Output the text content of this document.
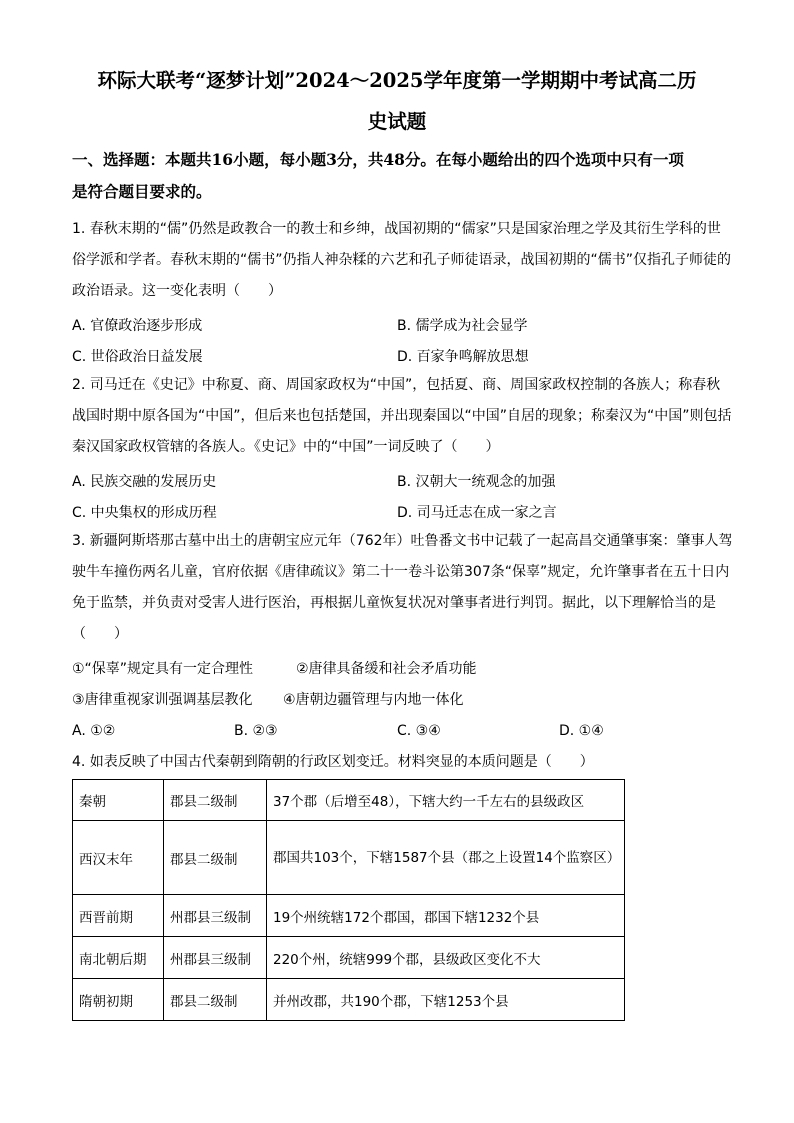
环际大联考“逐梦计划”2024～2025学年度第一学期期中考试高二历
史试题
一、选择题：本题共16小题，每小题3分，共48分。在每小题给出的四个选项中只有一项
是符合题目要求的。
1. 春秋末期的“儒”仍然是政教合一的教士和乡绅，战国初期的“儒家”只是国家治理之学及其衍生学科的世俗学派和学者。春秋末期的“儒书”仍指人神杂糅的六艺和孔子师徒语录，战国初期的“儒书”仅指孔子师徒的政治语录。这一变化表明（　　）
A. 官僚政治逐步形成	B. 儒学成为社会显学
C. 世俗政治日益发展	D. 百家争鸣解放思想
2. 司马迁在《史记》中称夏、商、周国家政权为“中国”，包括夏、商、周国家政权控制的各族人；称春秋战国时期中原各国为“中国”，但后来也包括楚国，并出现秦国以“中国”自居的现象；称秦汉为“中国”则包括秦汉国家政权管辖的各族人。《史记》中的“中国”一词反映了（　　）
A. 民族交融的发展历史	B. 汉朝大一统观念的加强
C. 中央集权的形成历程	D. 司马迁志在成一家之言
3. 新疆阿斯塔那古墓中出土的唐朝宝应元年（762年）吐鲁番文书中记载了一起高昌交通肇事案：肇事人驾驶牛车撞伤两名儿童，官府依据《唐律疏议》第二十一卷斗讼第307条“保辜”规定，允许肇事者在五十日内免于监禁，并负责对受害人进行医治，再根据儿童恢复状况对肇事者进行判罚。据此，以下理解恰当的是（　　）
①“保辜”规定具有一定合理性	②唐律具备缓和社会矛盾功能
③唐律重视家训强调基层教化 ④唐朝边疆管理与内地一体化
A. ①②	B. ②③	C. ③④	D. ①④
4. 如表反映了中国古代秦朝到隋朝的行政区划变迁。材料突显的本质问题是（　　）
秦朝	郡县二级制	37个郡（后增至48），下辖大约一千左右的县级政区
西汉末年	郡县二级制	郡国共103个，下辖1587个县（郡之上设置14个监察区）
西晋前期	州郡县三级制	19个州统辖172个郡国，郡国下辖1232个县
南北朝后期	州郡县三级制	220个州，统辖999个郡，县级政区变化不大
隋朝初期	郡县二级制	并州改郡，共190个郡，下辖1253个县
